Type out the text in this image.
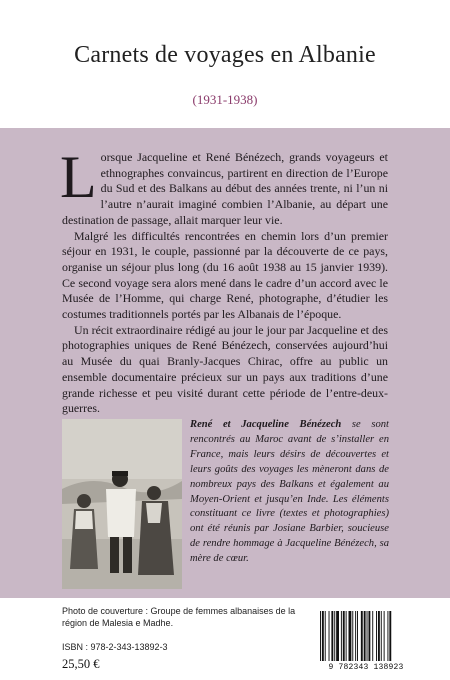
Carnets de voyages en Albanie
(1931-1938)

Lorsque Jacqueline et René Bénézech, grands voyageurs et ethnographes convaincus, partirent en direction de l’Europe du Sud et des Balkans au début des années trente, ni l’un ni l’autre n’aurait imaginé combien l’Albanie, au départ une destination de passage, allait marquer leur vie.

Malgré les difficultés rencontrées en chemin lors d’un premier séjour en 1931, le couple, passionné par la découverte de ce pays, organise un séjour plus long (du 16 août 1938 au 15 janvier 1939). Ce second voyage sera alors mené dans le cadre d’un accord avec le Musée de l’Homme, qui charge René, photographe, d’étudier les costumes traditionnels portés par les Albanais de l’époque.

Un récit extraordinaire rédigé au jour le jour par Jacqueline et des photographies uniques de René Bénézech, conservées aujourd’hui au Musée du quai Branly-Jacques Chirac, offre au public un ensemble documentaire précieux sur un pays aux traditions d’une grande richesse et peu visité durant cette période de l’entre-deux-guerres.

René et Jacqueline Bénézech se sont rencontrés au Maroc avant de s’installer en France, mais leurs désirs de découvertes et leurs goûts des voyages les mèneront dans de nombreux pays des Balkans et également au Moyen-Orient et jusqu’en Inde. Les éléments constituant ce livre (textes et photographies) ont été réunis par Josiane Barbier, soucieuse de rendre hommage à Jacqueline Bénézech, sa mère de cœur.
Photo de couverture : Groupe de femmes albanaises de la région de Malesia e Madhe.
ISBN : 978-2-343-13892-3
25,50 €	9 782343 138923
